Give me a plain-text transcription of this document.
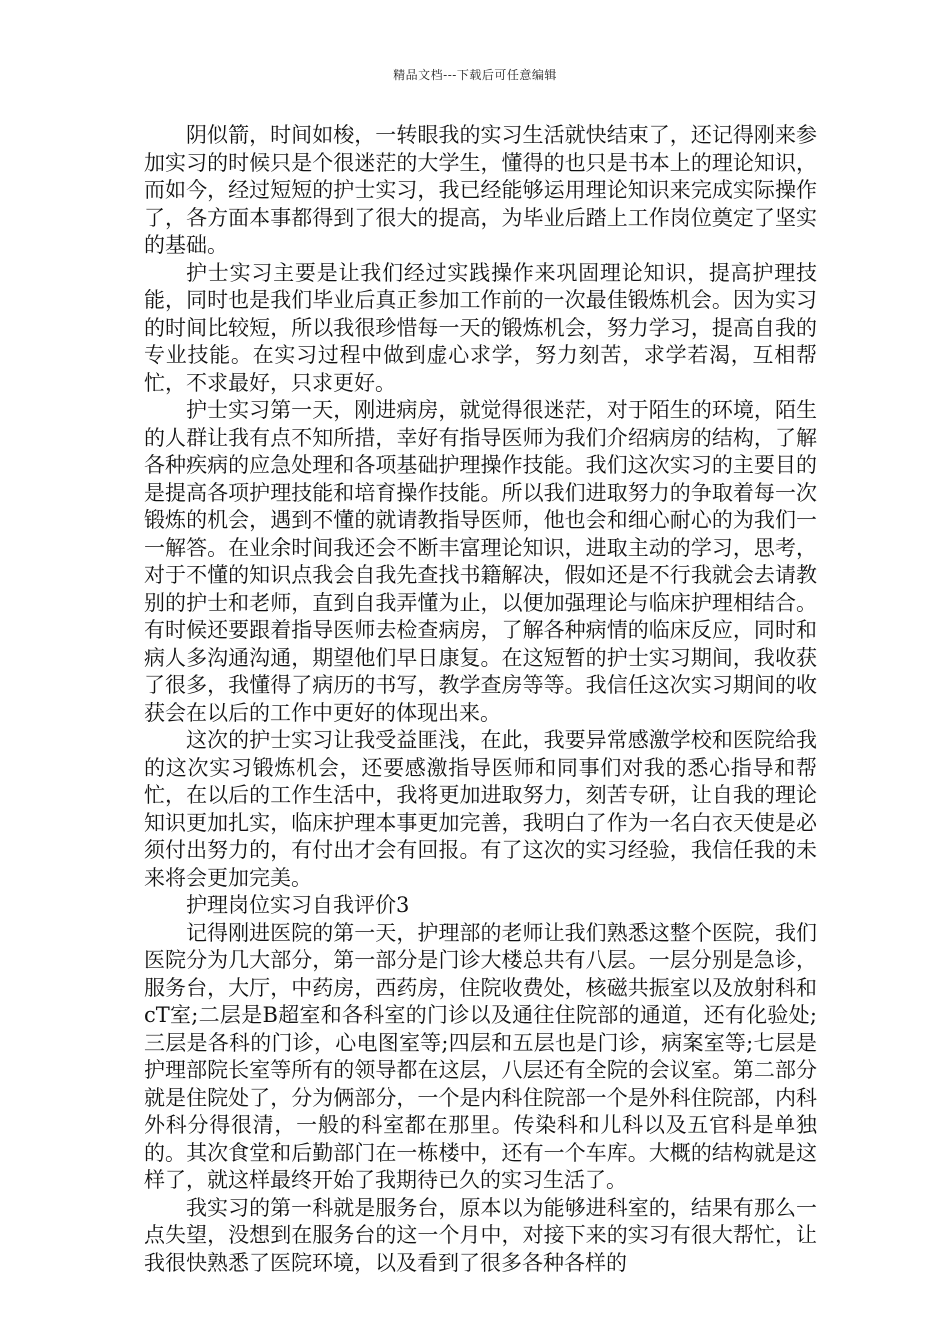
精品文档---下载后可任意编辑

阴似箭，时间如梭，一转眼我的实习生活就快结束了，还记得刚来参加实习的时候只是个很迷茫的大学生，懂得的也只是书本上的理论知识，而如今，经过短短的护士实习，我已经能够运用理论知识来完成实际操作了，各方面本事都得到了很大的提高，为毕业后踏上工作岗位奠定了坚实的基础。

护士实习主要是让我们经过实践操作来巩固理论知识，提高护理技能，同时也是我们毕业后真正参加工作前的一次最佳锻炼机会。因为实习的时间比较短，所以我很珍惜每一天的锻炼机会，努力学习，提高自我的专业技能。在实习过程中做到虚心求学，努力刻苦，求学若渴，互相帮忙，不求最好，只求更好。

护士实习第一天，刚进病房，就觉得很迷茫，对于陌生的环境，陌生的人群让我有点不知所措，幸好有指导医师为我们介绍病房的结构，了解各种疾病的应急处理和各项基础护理操作技能。我们这次实习的主要目的是提高各项护理技能和培育操作技能。所以我们进取努力的争取着每一次锻炼的机会，遇到不懂的就请教指导医师，他也会和细心耐心的为我们一一解答。在业余时间我还会不断丰富理论知识，进取主动的学习，思考，对于不懂的知识点我会自我先查找书籍解决，假如还是不行我就会去请教别的护士和老师，直到自我弄懂为止，以便加强理论与临床护理相结合。有时候还要跟着指导医师去检查病房，了解各种病情的临床反应，同时和病人多沟通沟通，期望他们早日康复。在这短暂的护士实习期间，我收获了很多，我懂得了病历的书写，教学查房等等。我信任这次实习期间的收获会在以后的工作中更好的体现出来。

这次的护士实习让我受益匪浅，在此，我要异常感激学校和医院给我的这次实习锻炼机会，还要感激指导医师和同事们对我的悉心指导和帮忙，在以后的工作生活中，我将更加进取努力，刻苦专研，让自我的理论知识更加扎实，临床护理本事更加完善，我明白了作为一名白衣天使是必须付出努力的，有付出才会有回报。有了这次的实习经验，我信任我的未来将会更加完美。

护理岗位实习自我评价3

记得刚进医院的第一天，护理部的老师让我们熟悉这整个医院，我们医院分为几大部分，第一部分是门诊大楼总共有八层。一层分别是急诊，服务台，大厅，中药房，西药房，住院收费处，核磁共振室以及放射科和cT室;二层是B超室和各科室的门诊以及通往住院部的通道，还有化验处;三层是各科的门诊，心电图室等;四层和五层也是门诊，病案室等;七层是护理部院长室等所有的领导都在这层，八层还有全院的会议室。第二部分就是住院处了，分为俩部分，一个是内科住院部一个是外科住院部，内科外科分得很清，一般的科室都在那里。传染科和儿科以及五官科是单独的。其次食堂和后勤部门在一栋楼中，还有一个车库。大概的结构就是这样了，就这样最终开始了我期待已久的实习生活了。

我实习的第一科就是服务台，原本以为能够进科室的，结果有那么一点失望，没想到在服务台的这一个月中，对接下来的实习有很大帮忙，让我很快熟悉了医院环境，以及看到了很多各种各样的
